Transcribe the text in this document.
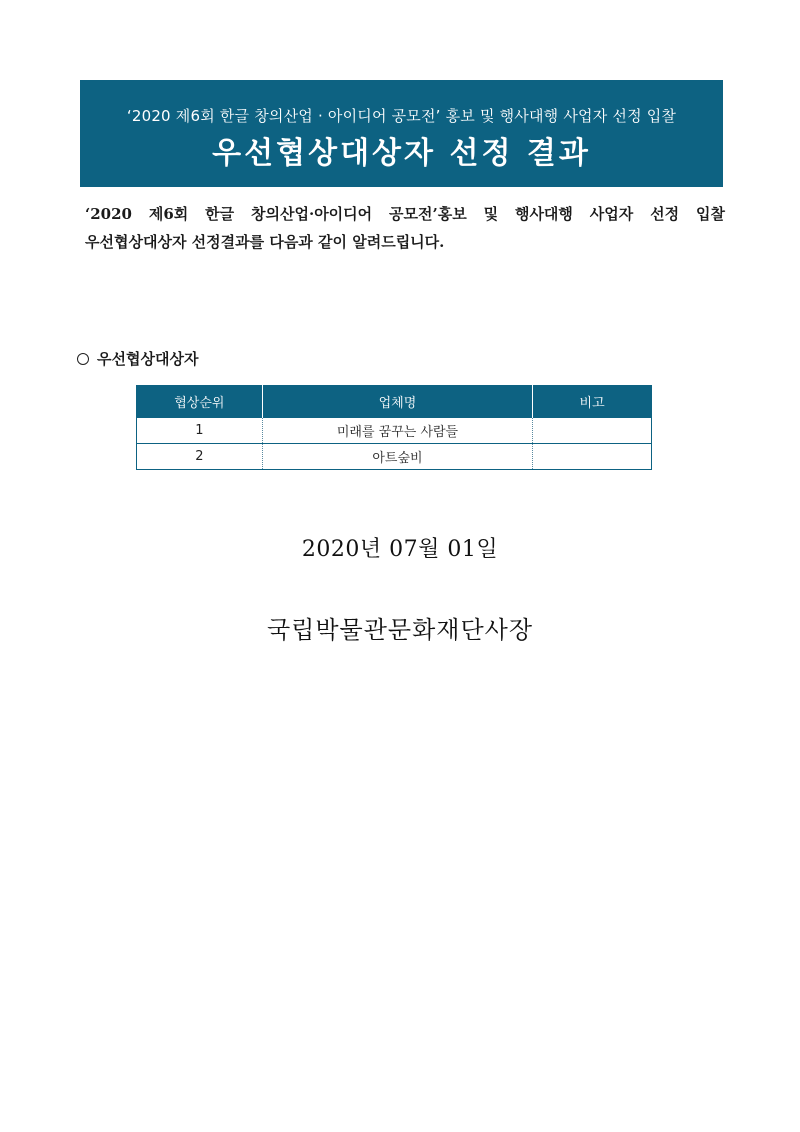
‘2020 제6회 한글 창의산업 · 아이디어 공모전’ 홍보 및 행사대행 사업자 선정 입찰
우선협상대상자 선정 결과
‘2020 제6회 한글 창의산업·아이디어 공모전’홍보 및 행사대행 사업자 선정 입찰
우선협상대상자 선정결과를 다음과 같이 알려드립니다.
우선협상대상자
협상순위	업체명	비고
1	미래를 꿈꾸는 사람들	
2	아트숲비	
2020년 07월 01일
국립박물관문화재단사장
